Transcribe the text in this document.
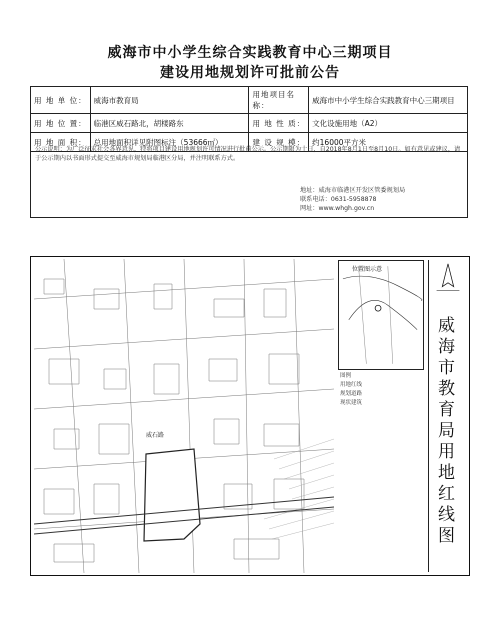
威海市中小学生综合实践教育中心三期项目
建设用地规划许可批前公告
用 地 单 位：	威海市教育局	用地项目名称：	威海市中小学生综合实践教育中心三期项目
用 地 位 置：	临港区威石路北，胡楼路东	用 地 性 质：	文化设施用地（A2）
用 地 面 积：	总用地面积详见附图标注（53666㎡）	建 设 规 模：	约16000平方米
公示说明：为广泛征求社会各界意见，特将项目建设用地规划许可情况进行批前公示。公示期限为十日，自2018年8月1日至8月10日。如有意见或建议，请于公示期内以书面形式提交至威海市规划局临港区分局，并注明联系方式。
地址：威海市临港区开发区管委规划局
联系电话：0631-5958878
网址：www.whgh.gov.cn
威石路
位置图示意
图例
用地红线
规划道路
现状建筑
威海市教育局用地红线图
